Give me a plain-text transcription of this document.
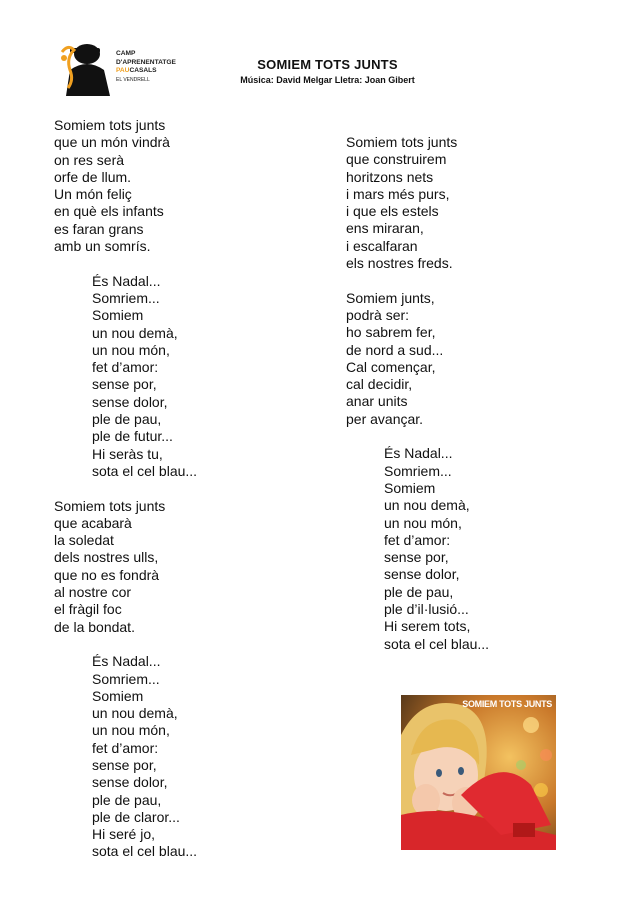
CAMP
D'APRENENTATGE
PAUCASALS
EL VENDRELL
SOMIEM TOTS JUNTS
Música: David Melgar Lletra: Joan Gibert
Somiem tots junts
que un món vindrà
on res serà
orfe de llum.
Un món feliç
en què els infants
es faran grans
amb un somrís.
És Nadal...
Somriem...
Somiem
un nou demà,
un nou món,
fet d’amor:
sense por,
sense dolor,
ple de pau,
ple de futur...
Hi seràs tu,
sota el cel blau...
Somiem tots junts
que acabarà
la soledat
dels nostres ulls,
que no es fondrà
al nostre cor
el fràgil foc
de la bondat.
És Nadal...
Somriem...
Somiem
un nou demà,
un nou món,
fet d’amor:
sense por,
sense dolor,
ple de pau,
ple de claror...
Hi seré jo,
sota el cel blau...
Somiem tots junts
que construirem
horitzons nets
i mars més purs,
i que els estels
ens miraran,
i escalfaran
els nostres freds.
Somiem junts,
podrà ser:
ho sabrem fer,
de nord a sud...
Cal començar,
cal decidir,
anar units
per avançar.
És Nadal...
Somriem...
Somiem
un nou demà,
un nou món,
fet d’amor:
sense por,
sense dolor,
ple de pau,
ple d’il·lusió...
Hi serem tots,
sota el cel blau...
SOMIEM TOTS JUNTS
